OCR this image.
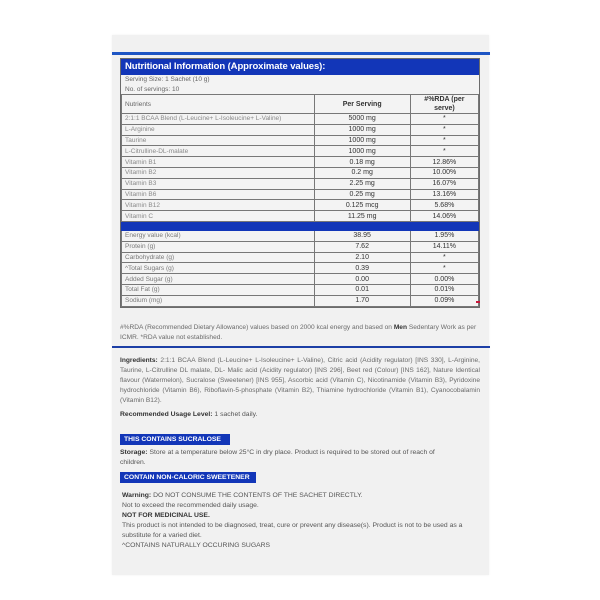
Nutritional Information (Approximate values):
Serving Size: 1 Sachet (10 g)
No. of servings: 10
Nutrients	Per Serving	#%RDA (per serve)
2:1:1 BCAA Blend (L-Leucine+ L-Isoleucine+ L-Valine)	5000 mg	*
L-Arginine	1000 mg	*
Taurine	1000 mg	*
L-Citrulline-DL-malate	1000 mg	*
Vitamin B1	0.18 mg	12.86%
Vitamin B2	0.2 mg	10.00%
Vitamin B3	2.25 mg	16.07%
Vitamin B6	0.25 mg	13.16%
Vitamin B12	0.125 mcg	5.68%
Vitamin C	11.25 mg	14.06%

Energy value (kcal)	38.95	1.95%
Protein (g)	7.62	14.11%
Carbohydrate (g)	2.10	*
^Total Sugars (g)	0.39	*
Added Sugar (g)	0.00	0.00%
Total Fat (g)	0.01	0.01%
Sodium (mg)	1.70	0.09%
#%RDA (Recommended Dietary Allowance) values based on 2000 kcal energy and based on Men Sedentary Work as per ICMR. *RDA value not established.
Ingredients: 2:1:1 BCAA Blend (L-Leucine+ L-Isoleucine+ L-Valine), Citric acid (Acidity regulator) [INS 330], L-Arginine, Taurine, L-Citrulline DL malate, DL- Malic acid (Acidity regulator) [INS 296], Beet red (Colour) [INS 162], Nature Identical flavour (Watermelon), Sucralose (Sweetener) [INS 955], Ascorbic acid (Vitamin C), Nicotinamide (Vitamin B3), Pyridoxine hydrochloride (Vitamin B6), Riboflavin-5-phosphate (Vitamin B2), Thiamine hydrochloride (Vitamin B1), Cyanocobalamin (Vitamin B12).
Recommended Usage Level: 1 sachet daily.
THIS CONTAINS SUCRALOSE
Storage: Store at a temperature below 25°C in dry place. Product is required to be stored out of reach of children.
CONTAIN NON-CALORIC SWEETENER
Warning: DO NOT CONSUME THE CONTENTS OF THE SACHET DIRECTLY.
Not to exceed the recommended daily usage.
NOT FOR MEDICINAL USE.
This product is not intended to be diagnosed, treat, cure or prevent any disease(s). Product is not to be used as a substitute for a varied diet.
^CONTAINS NATURALLY OCCURING SUGARS
